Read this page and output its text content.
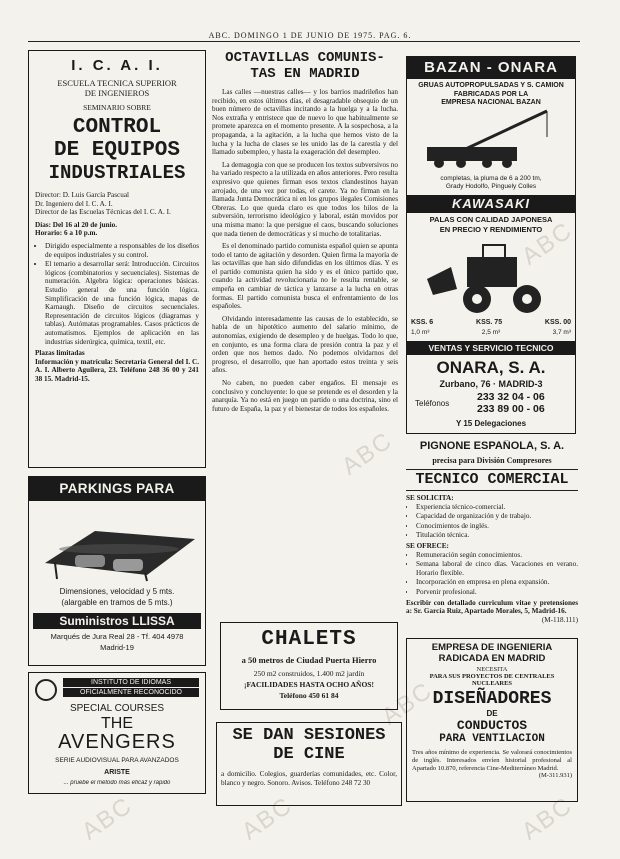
ABC	ABC
ABC
ABC
ABC
ABC
ABC. DOMINGO 1 DE JUNIO DE 1975. PAG. 6.
I. C. A. I.
ESCUELA TECNICA SUPERIOR
DE INGENIEROS
SEMINARIO SOBRE
CONTROL
DE EQUIPOS
INDUSTRIALES
Director: D. Luis García Pascual
Dr. Ingeniero del I. C. A. I.
Director de las Escuelas Técnicas del I. C. A. I.
Días: Del 16 al 20 de junio.
Horario: 6 a 10 p.m.
• Dirigido especialmente a responsables de los diseños de equipos industriales y su control.
• El temario a desarrollar será: Introducción. Circuitos lógicos (combinatorios y secuenciales). Sistemas de numeración. Algebra lógica: operaciones básicas. Estudio general de una función lógica. Simplificación de una función lógica, mapas de Karnaugh. Diseño de circuitos secuenciales. Representación de circuitos lógicos (diagramas y tablas). Autómatas programables. Casos prácticos de automatismos. Ejemplos de aplicación en las industrias siderúrgica, química, textil, etc.
Plazas limitadas
Información y matrícula: Secretaría General del I. C. A. I. Alberto Aguilera, 23. Teléfono 248 36 00 y 241 38 15. Madrid-15.
PARKINGS PARA
Dimensiones, velocidad y 5 mts.
(alargable en tramos de 5 mts.)
Suministros LLISSA
Marqués de Jura Real 28 - Tf. 404 4978
Madrid-19
INSTITUTO DE IDIOMAS
OFICIALMENTE RECONOCIDO
SPECIAL COURSES
THE
AVENGERS
SERIE AUDIOVISUAL PARA AVANZADOS
ARISTE
... pruebe el método más eficaz y rápido
OCTAVILLAS COMUNIS-
TAS EN MADRID
Las calles —nuestras calles— y los barrios madrileños han recibido, en estos últimos días, el desagradable obsequio de un buen número de octavillas incitando a la huelga y a la lucha. Nos extraña y entristece que de nuevo lo que habitualmente se promete aparezca en el momento presente. A la sospechosa, a la propaganda, a la agitación, a la lucha que hemos visto de la lucha y la lucha de clases se les unido las de la carestía y del llamado subempleo, y hasta la exageración del desempleo.
La demagogia con que se producen los textos subversivos no ha variado respecto a la utilizada en años anteriores. Pero resulta expresivo que quienes firman esos textos clandestinos hayan arrojado, de una vez por todas, el carete. Ya no firman en la llamada Junta Democrática ni en los grupos ilegales Comisiones Obreras. Lo que queda claro es que todos los hilos de la subversión, terrorismo ideológico y laboral, están movidos por una misma mano: la que persigue el caos, buscando soluciones que nada tienen de democráticas y sí mucho de totalitarias.
Es el denominado partido comunista español quien se apunta todo el tanto de agitación y desorden. Quien firma la mayoría de las octavillas que han sido difundidas en los últimos días. Y es el partido comunista quien ha sido y es el único partido que, cuando la actividad revolucionaria no le resulta rentable, se empeña en cambiar de táctica y lanzarse a la lucha en otras formas. El partido comunista busca el enfrentamiento de los españoles.
Olvidando interesadamente las causas de lo establecido, se habla de un hipotético aumento del salario mínimo, de autonomías, exigiendo de desempleo y de huelgas. Todo lo que, en conjunto, es una forma clara de presión contra la paz y el orden que nos hemos dado. No podemos olvidarnos del progreso, el desarrollo, que han aportado estos treinta y seis años.
No caben, no pueden caber engaños. El mensaje es conclusivo y concluyente: lo que se pretende es el desorden y la anarquía. Ya no está en juego un partido o una doctrina, sino el futuro de España, la paz y el bienestar de todos los españoles.
CHALETS
a 50 metros de Ciudad Puerta Hierro
250 m2 construidos, 1.400 m2 jardín
¡FACILIDADES HASTA OCHO AÑOS!
Teléfono 450 61 84
SE DAN SESIONES
DE CINE
a domicilio. Colegios, guarderías comunidades, etc. Color, blanco y negro. Sonoro. Avisos. Teléfono 248 72 30
BAZAN - ONARA
GRUAS AUTOPROPULSADAS Y S. CAMION FABRICADAS POR LA
EMPRESA NACIONAL BAZAN
completas, la pluma de 6 a 200 tm,
Grady Hodolfo, Pinguely Colles
KAWASAKI
PALAS CON CALIDAD JAPONESA
EN PRECIO Y RENDIMIENTO
KSS. 6	KSS. 75	KSS. 00
1,0 m³	2,5 m³	3,7 m³
VENTAS Y SERVICIO TECNICO
ONARA, S. A.
Zurbano, 76 · MADRID-3
Teléfonos
233 32 04 - 06
233 89 00 - 06
Y 15 Delegaciones
PIGNONE ESPAÑOLA, S. A.
precisa para División Compresores
TECNICO COMERCIAL
SE SOLICITA:
• Experiencia técnico-comercial.
• Capacidad de organización y de trabajo.
• Conocimientos de inglés.
• Titulación técnica.
SE OFRECE:
• Remuneración según conocimientos.
• Semana laboral de cinco días. Vacaciones en verano. Horario flexible.
• Incorporación en empresa en plena expansión.
• Porvenir profesional.
Escribir con detallado curriculum vitae y pretensiones a: Sr. García Ruiz, Apartado Morales, 5, Madrid-16.
(M-118.111)
EMPRESA DE INGENIERIA
RADICADA EN MADRID
NECESITA
PARA SUS PROYECTOS DE CENTRALES NUCLEARES
DISEÑADORES
DE
CONDUCTOS
PARA VENTILACION
Tres años mínimo de experiencia. Se valorará conocimientos de inglés. Interesados envíen historial profesional al Apartado 10.870, referencia Cine-Mediterráneo Madrid.
(M-311.931)
